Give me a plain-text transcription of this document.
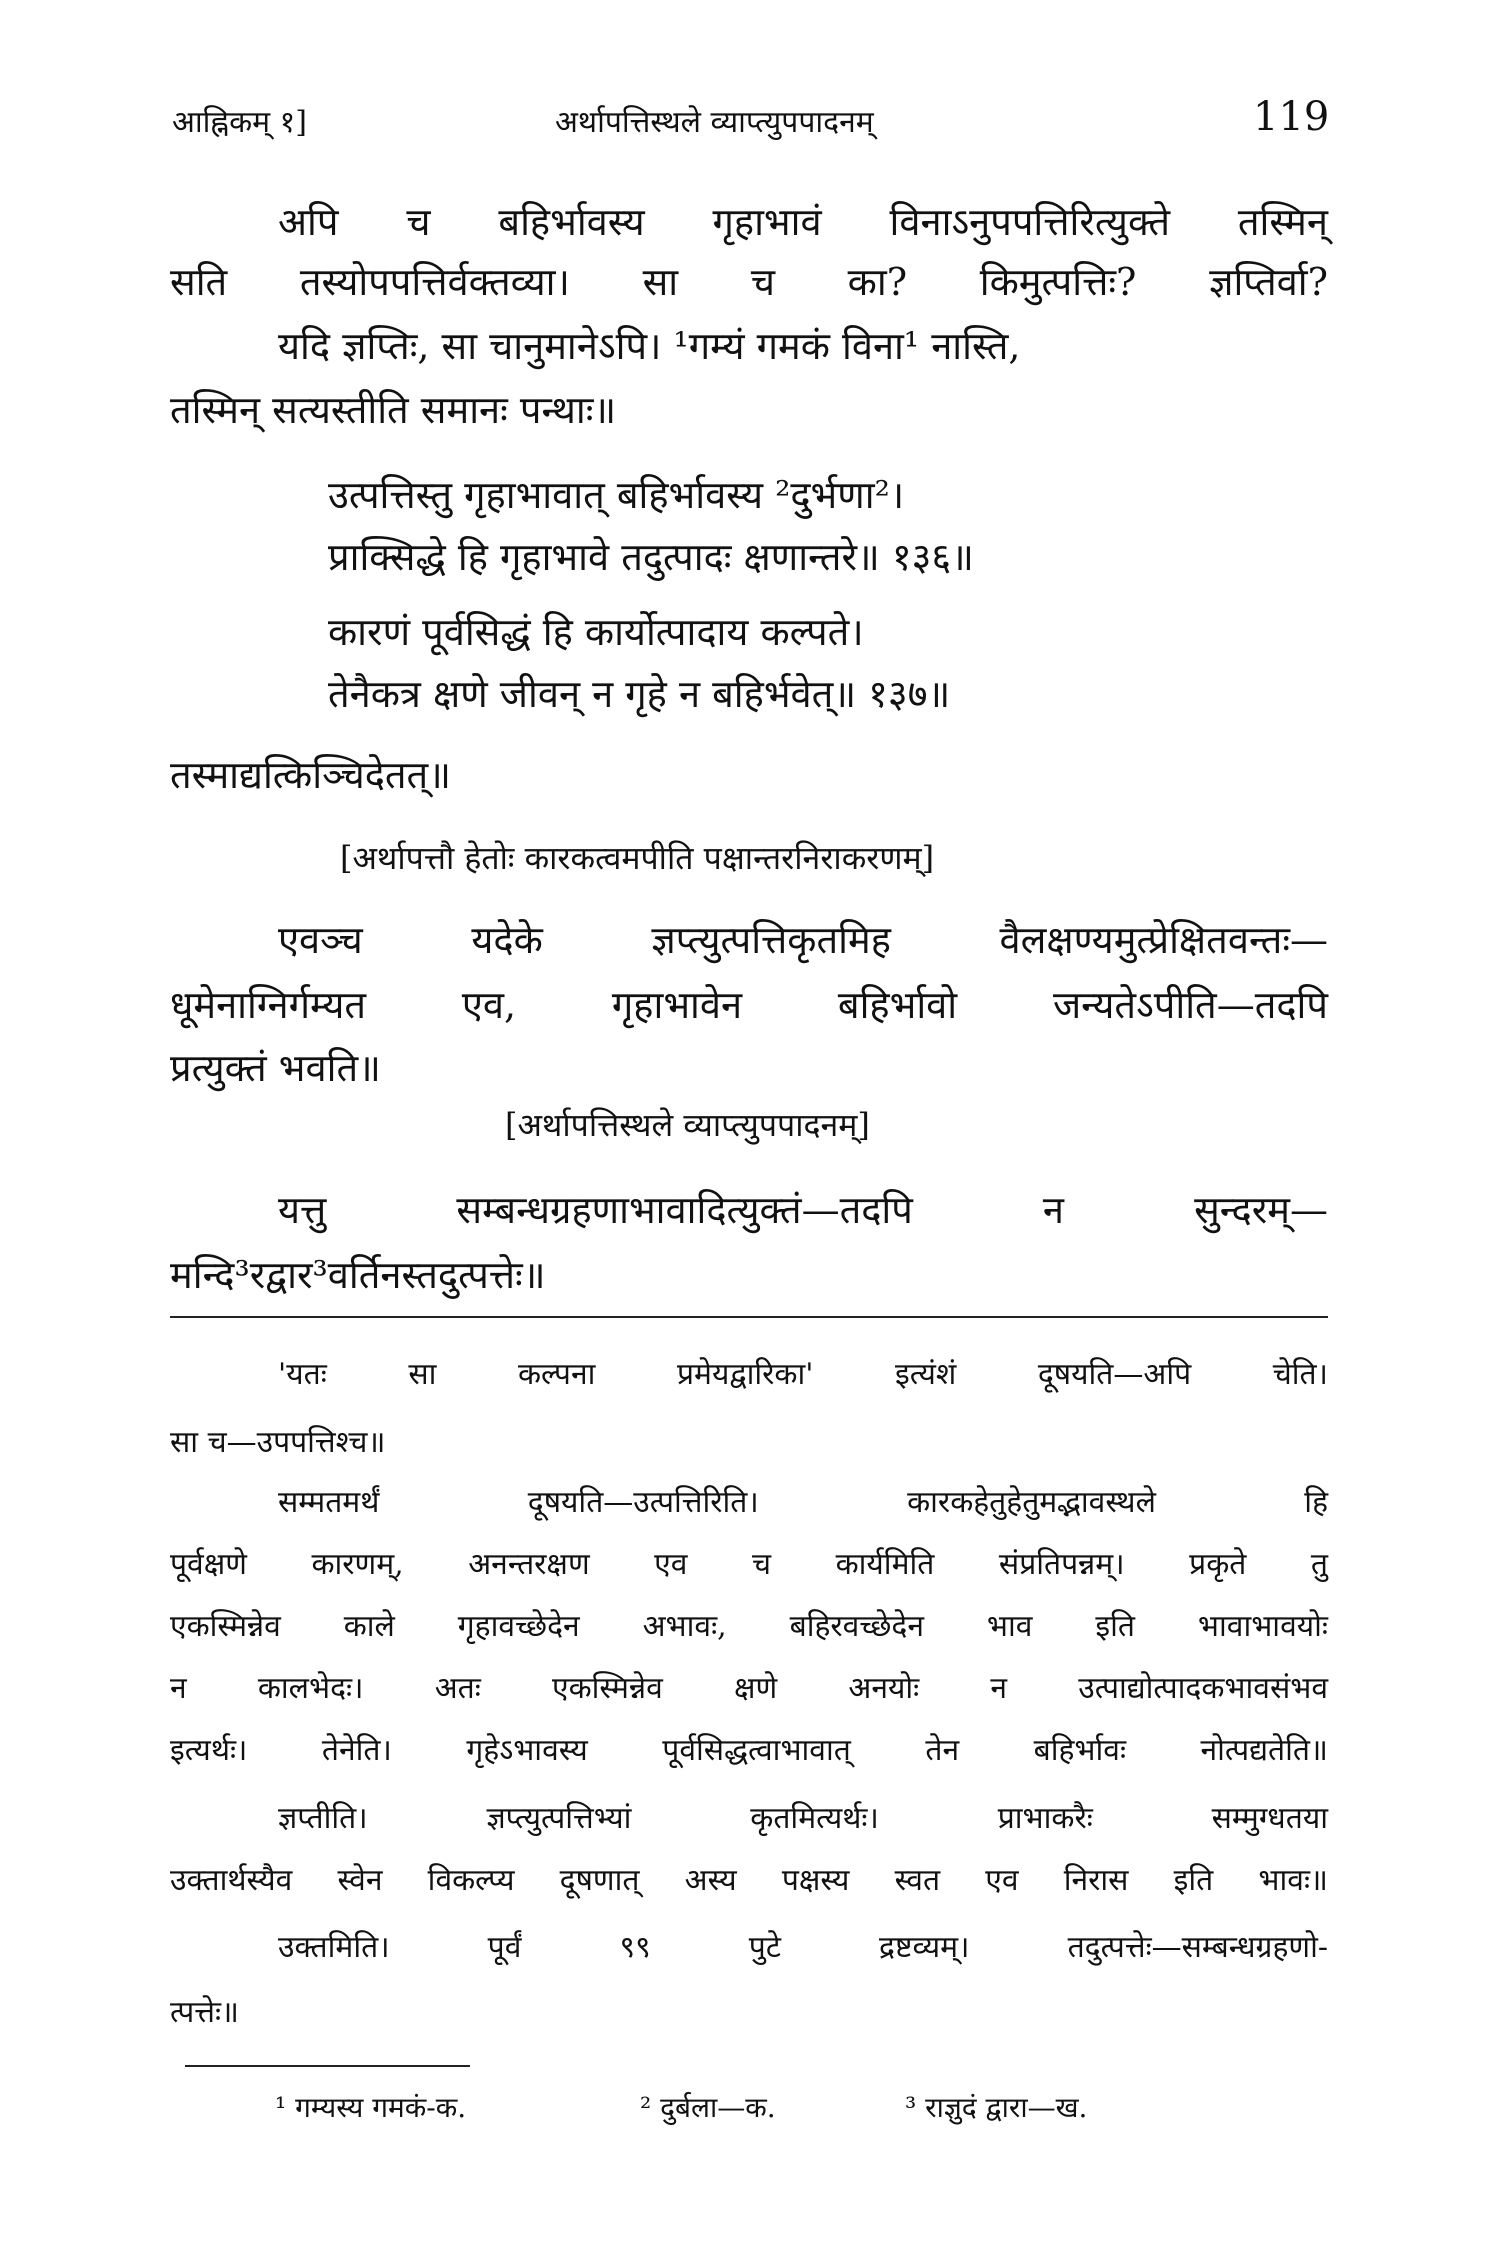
आह्निकम् १]	अर्थापत्तिस्थले व्याप्त्युपपादनम्	119
अपि च बहिर्भावस्य गृहाभावं विनाऽनुपपत्तिरित्युक्ते तस्मिन्
सति तस्योपपत्तिर्वक्तव्या। सा च का? किमुत्पत्तिः? ज्ञप्तिर्वा?
यदि ज्ञप्तिः, सा चानुमानेऽपि। ¹गम्यं गमकं विना¹ नास्ति,
तस्मिन् सत्यस्तीति समानः पन्थाः॥
उत्पत्तिस्तु गृहाभावात् बहिर्भावस्य ²दुर्भणा²।
प्राक्सिद्धे हि गृहाभावे तदुत्पादः क्षणान्तरे॥ १३६॥
कारणं पूर्वसिद्धं हि कार्योत्पादाय कल्पते।
तेनैकत्र क्षणे जीवन् न गृहे न बहिर्भवेत्॥ १३७॥
तस्माद्यत्किञ्चिदेतत्॥
[अर्थापत्तौ हेतोः कारकत्वमपीति पक्षान्तरनिराकरणम्]
एवञ्च यदेके ज्ञप्त्युत्पत्तिकृतमिह वैलक्षण्यमुत्प्रेक्षितवन्तः—
धूमेनाग्निर्गम्यत एव, गृहाभावेन बहिर्भावो जन्यतेऽपीति—तदपि
प्रत्युक्तं भवति॥
[अर्थापत्तिस्थले व्याप्त्युपपादनम्]
यत्तु सम्बन्धग्रहणाभावादित्युक्तं—तदपि न सुन्दरम्—
मन्दि³रद्वार³वर्तिनस्तदुत्पत्तेः॥
'यतः सा कल्पना प्रमेयद्वारिका' इत्यंशं दूषयति—अपि चेति।
सा च—उपपत्तिश्च॥
सम्मतमर्थं दूषयति—उत्पत्तिरिति। कारकहेतुहेतुमद्भावस्थले हि
पूर्वक्षणे कारणम्, अनन्तरक्षण एव च कार्यमिति संप्रतिपन्नम्। प्रकृते तु
एकस्मिन्नेव काले गृहावच्छेदेन अभावः, बहिरवच्छेदेन भाव इति भावाभावयोः
न कालभेदः। अतः एकस्मिन्नेव क्षणे अनयोः न उत्पाद्योत्पादकभावसंभव
इत्यर्थः। तेनेति। गृहेऽभावस्य पूर्वसिद्धत्वाभावात् तेन बहिर्भावः नोत्पद्यतेति॥
ज्ञप्तीति। ज्ञप्त्युत्पत्तिभ्यां कृतमित्यर्थः। प्राभाकरैः सम्मुग्धतया
उक्तार्थस्यैव स्वेन विकल्प्य दूषणात् अस्य पक्षस्य स्वत एव निरास इति भावः॥
उक्तमिति। पूर्वं ९९ पुटे द्रष्टव्यम्। तदुत्पत्तेः—सम्बन्धग्रहणो-
त्पत्तेः॥
¹ गम्यस्य गमकं-क.	² दुर्बला—क.	³ राज्ञुदं द्वारा—ख.
